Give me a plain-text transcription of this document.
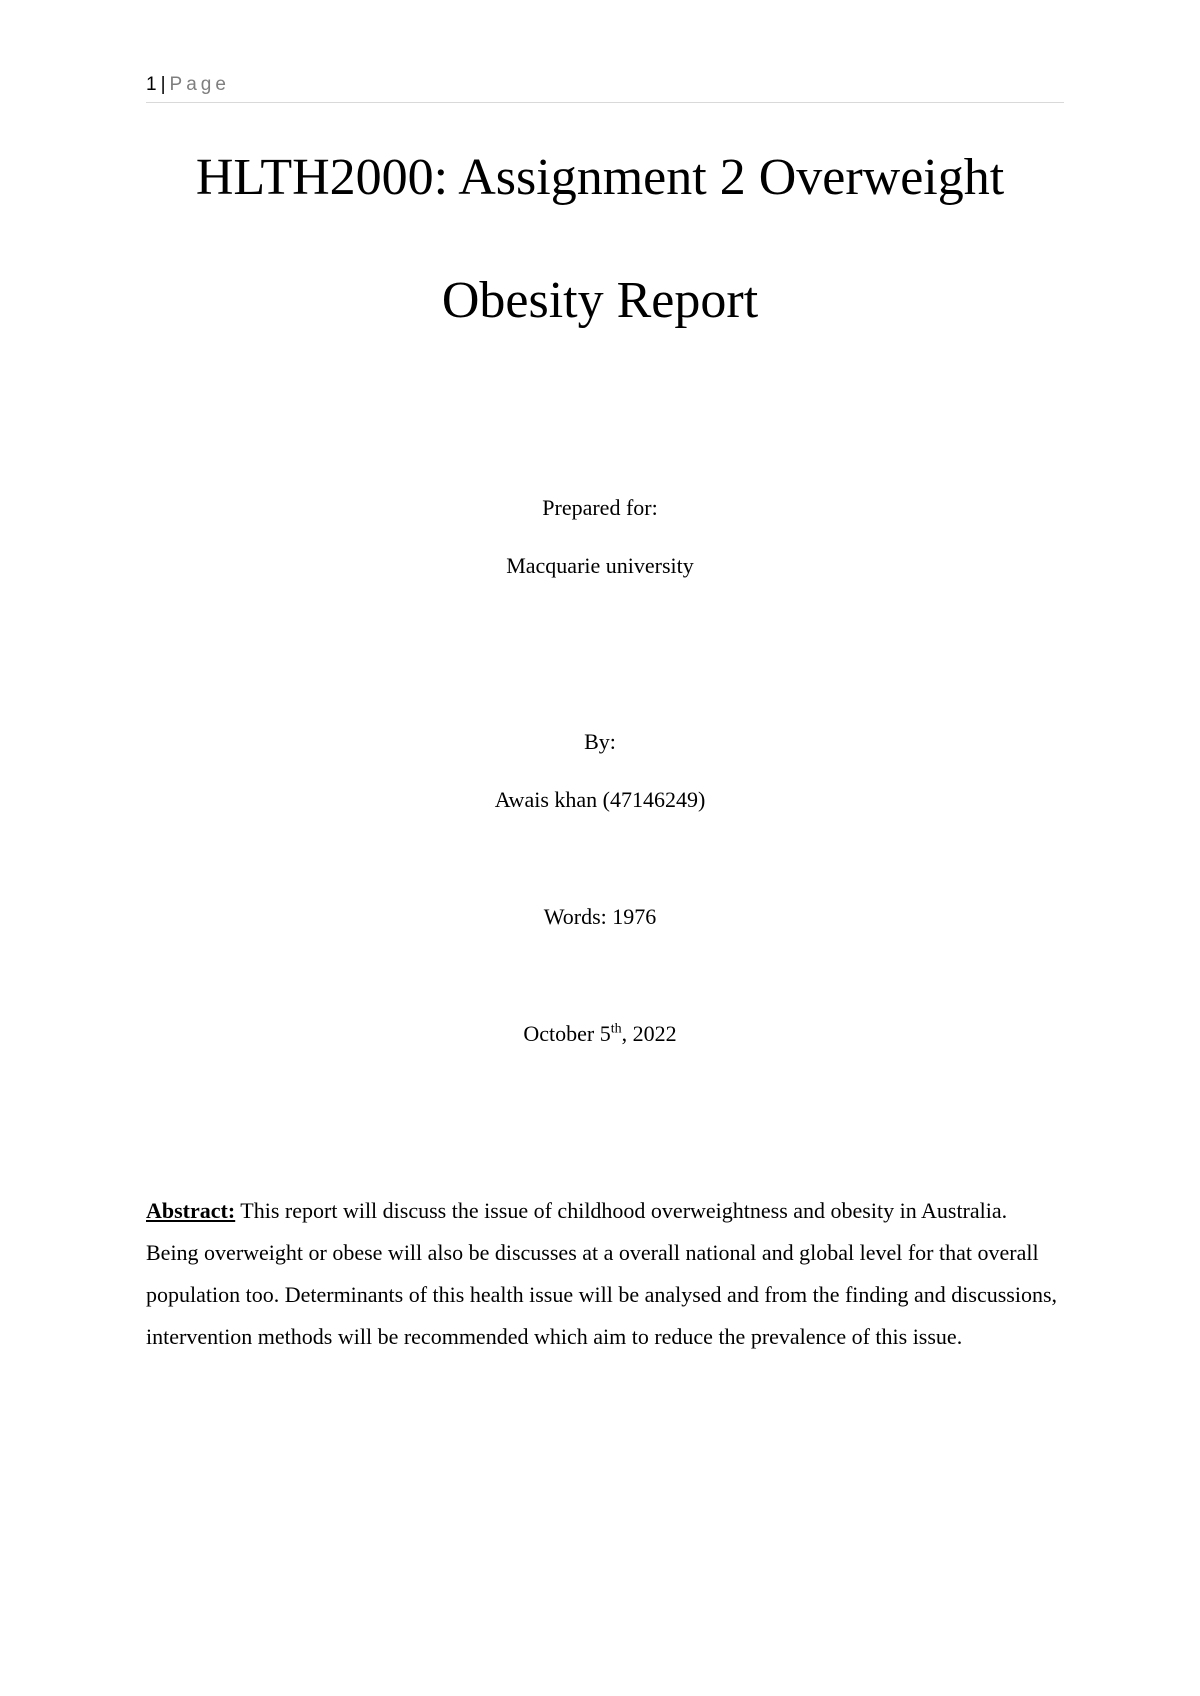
1 | Page
HLTH2000: Assignment 2 Overweight
Obesity Report
Prepared for:
Macquarie university
By:
Awais khan (47146249)
Words: 1976
October 5th, 2022
Abstract: This report will discuss the issue of childhood overweightness and obesity in Australia. Being overweight or obese will also be discusses at a overall national and global level for that overall population too. Determinants of this health issue will be analysed and from the finding and discussions, intervention methods will be recommended which aim to reduce the prevalence of this issue.
